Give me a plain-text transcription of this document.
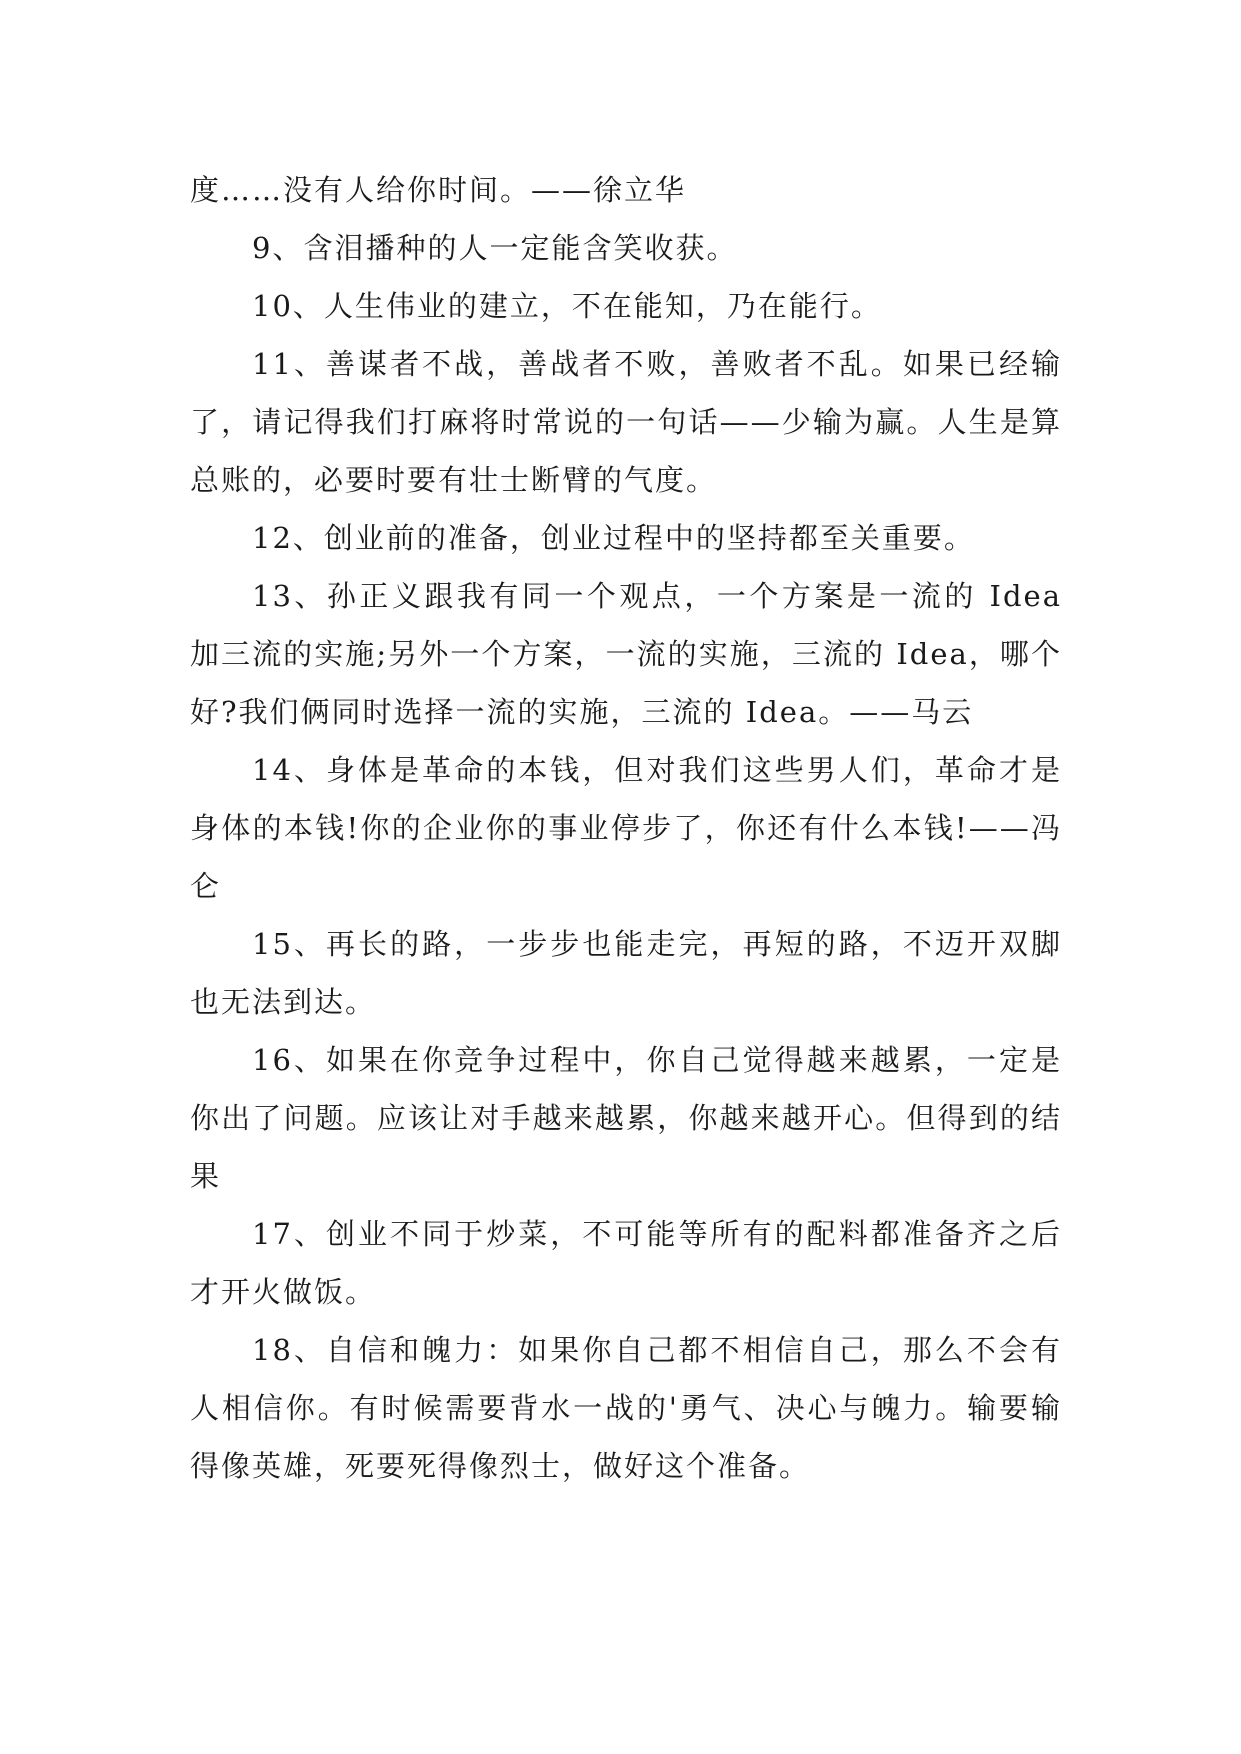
度……没有人给你时间。——徐立华

9、含泪播种的人一定能含笑收获。

10、人生伟业的建立，不在能知，乃在能行。

11、善谋者不战，善战者不败，善败者不乱。如果已经输了，请记得我们打麻将时常说的一句话——少输为赢。人生是算总账的，必要时要有壮士断臂的气度。

12、创业前的准备，创业过程中的坚持都至关重要。

13、孙正义跟我有同一个观点，一个方案是一流的 Idea 加三流的实施;另外一个方案，一流的实施，三流的 Idea，哪个好?我们俩同时选择一流的实施，三流的 Idea。——马云

14、身体是革命的本钱，但对我们这些男人们，革命才是身体的本钱!你的企业你的事业停步了，你还有什么本钱!——冯仑

15、再长的路，一步步也能走完，再短的路，不迈开双脚也无法到达。

16、如果在你竞争过程中，你自己觉得越来越累，一定是你出了问题。应该让对手越来越累，你越来越开心。但得到的结果

17、创业不同于炒菜，不可能等所有的配料都准备齐之后才开火做饭。

18、自信和魄力：如果你自己都不相信自己，那么不会有人相信你。有时候需要背水一战的'勇气、决心与魄力。输要输得像英雄，死要死得像烈士，做好这个准备。
